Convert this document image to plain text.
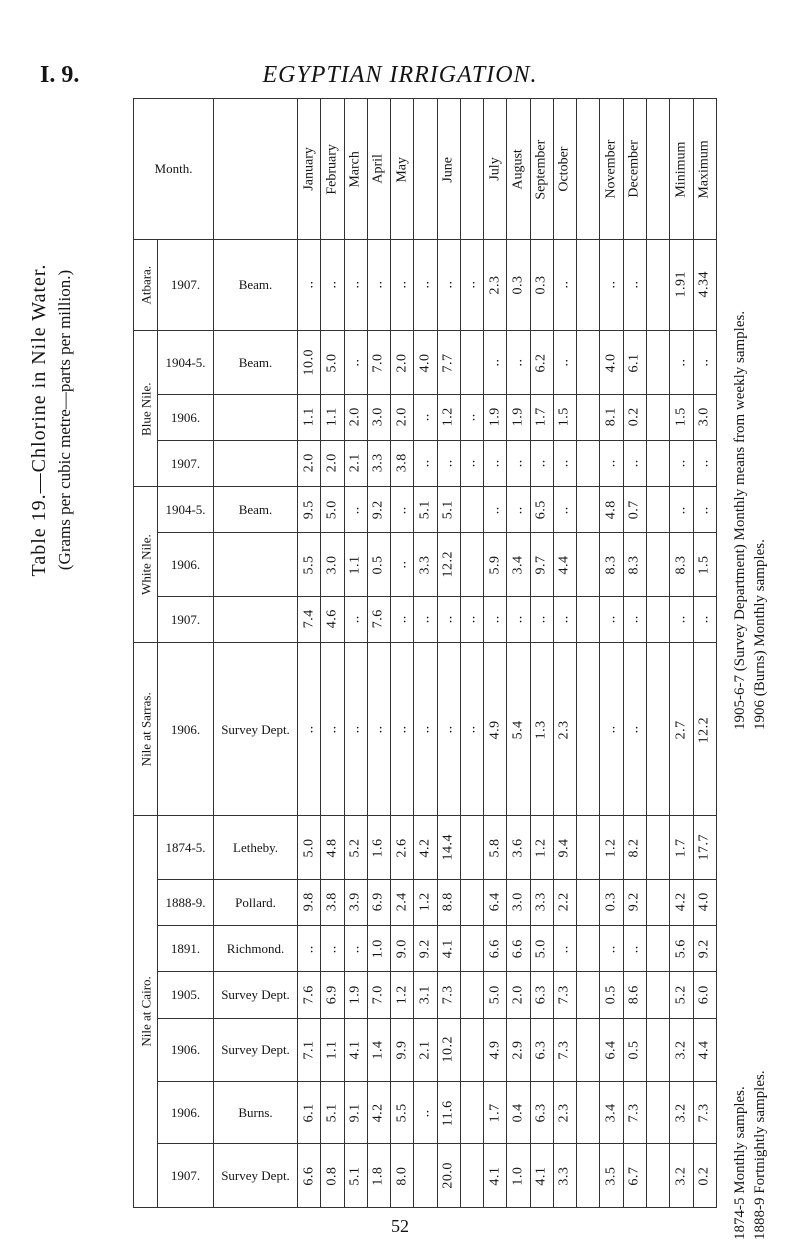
I. 9.	EGYPTIAN IRRIGATION.
Table 19.—Chlorine in Nile Water. (Grams per cubic metre—parts per million.)
Month.			January	February	March	April	May		June		July	August	September	October		November	December		Minimum	Maximum
Atbara.	1907.	Beam.	..	..	..	..	..	..	..	..	2.3	0.3	0.3	..		..	..		1.91	4.34
Blue Nile.	1904-5.	Beam.	10.0	5.0	..	7.0	2.0	4.0	7.7		..	..	6.2	..		4.0	6.1		..	..
	1906.		1.1	1.1	2.0	3.0	2.0	..	1.2	..	1.9	1.9	1.7	1.5		8.1	0.2		1.5	3.0
	1907.		2.0	2.0	2.1	3.3	3.8	..	..	..	..	..	..	..		..	..		..	..
White Nile.	1904-5.	Beam.	9.5	5.0	..	9.2	..	5.1	5.1		..	..	6.5	..		4.8	0.7		..	..
	1906.		5.5	3.0	1.1	0.5	..	3.3	12.2		5.9	3.4	9.7	4.4		8.3	8.3		8.3	1.5
	1907.		7.4	4.6	..	7.6	..	..	..	..	..	..	..	..		..	..		..	..
Nile at Sarras.	1906.	Survey Dept.	..	..	..	..	..	..	..	..	4.9	5.4	1.3	2.3		..	..		2.7	12.2
Nile at Cairo.	1874-5.	Letheby.	5.0	4.8	5.2	1.6	2.6	4.2	14.4		5.8	3.6	1.2	9.4		1.2	8.2		1.7	17.7
	1888-9.	Pollard.	9.8	3.8	3.9	6.9	2.4	1.2	8.8		6.4	3.0	3.3	2.2		0.3	9.2		4.2	4.0
	1891.	Richmond.	..	..	..	1.0	9.0	9.2	4.1		6.6	6.6	5.0	..		..	..		5.6	9.2
	1905.	Survey Dept.	7.6	6.9	1.9	7.0	1.2	3.1	7.3		5.0	2.0	6.3	7.3		0.5	8.6		5.2	6.0
	1906.	Survey Dept.	7.1	1.1	4.1	1.4	9.9	2.1	10.2		4.9	2.9	6.3	7.3		6.4	0.5		3.2	4.4
	1906.	Burns.	6.1	5.1	9.1	4.2	5.5	..	11.6		1.7	0.4	6.3	2.3		3.4	7.3		3.2	7.3
	1907.	Survey Dept.	6.6	0.8	5.1	1.8	8.0		20.0		4.1	1.0	4.1	3.3		3.5	6.7		3.2	0.2
52	1874-5 Monthly samples. 1888-9 Fortnightly samples.
1905-6-7 (Survey Department) Monthly means from weekly samples. 1906 (Burns) Monthly samples.
